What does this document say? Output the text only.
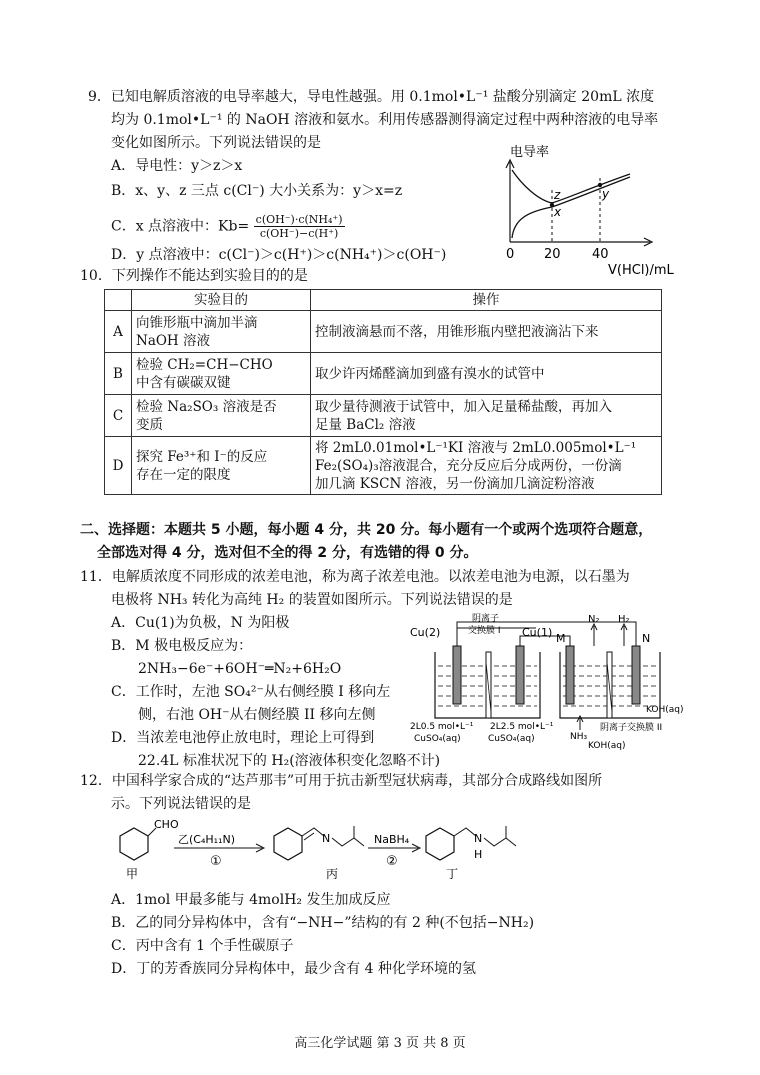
9．已知电解质溶液的电导率越大，导电性越强。用 0.1mol•L⁻¹ 盐酸分别滴定 20mL 浓度
均为 0.1mol•L⁻¹ 的 NaOH 溶液和氨水。利用传感器测得滴定过程中两种溶液的电导率
变化如图所示。下列说法错误的是
A．导电性：y＞z＞x
B．x、y、z 三点 c(Cl⁻) 大小关系为：y＞x=z
C．x 点溶液中：$Kb= \frac{\text{c(OH⁻)·c(NH₄⁺)}}{c(OH^-)-c(H^+)}$
D．y 点溶液中：c(Cl⁻)＞c(H⁺)＞c(NH₄⁺)＞c(OH⁻)
电导率
z
x
y
0 20 40
V(HCl)/mL
10．下列操作不能达到实验目的的是
	实验目的	操作
A	向锥形瓶中滴加半滴
NaOH 溶液	控制液滴悬而不落，用锥形瓶内壁把液滴沾下来
B	检验 CH₂=CH−CHO
中含有碳碳双键	取少许丙烯醛滴加到盛有溴水的试管中
C	检验 Na₂SO₃ 溶液是否
变质	取少量待测液于试管中，加入足量稀盐酸，再加入
足量 BaCl₂ 溶液
D	探究 Fe³⁺和 I⁻的反应
存在一定的限度	将 2mL0.01mol•L⁻¹KI 溶液与 2mL0.005mol•L⁻¹
Fe₂(SO₄)₃溶液混合，充分反应后分成两份，一份滴
加几滴 KSCN 溶液，另一份滴加几滴淀粉溶液
二、选择题：本题共 5 小题，每小题 4 分，共 20 分。每小题有一个或两个选项符合题意，
全部选对得 4 分，选对但不全的得 2 分，有选错的得 0 分。
11．电解质浓度不同形成的浓差电池，称为离子浓差电池。以浓差电池为电源，以石墨为
电极将 NH₃ 转化为高纯 H₂ 的装置如图所示。下列说法错误的是
A．Cu(1)为负极，N 为阳极
B．M 极电极反应为：
2NH₃−6e⁻+6OH⁻═N₂+6H₂O
C．工作时，左池 SO₄²⁻从右侧经膜 I 移向左
侧，右池 OH⁻从右侧经膜 II 移向左侧
D．当浓差电池停止放电时，理论上可得到
22.4L 标准状况下的 H₂(溶液体积变化忽略不计)
Cu(2)	Cu(1)
阴离子
交换膜 I
M	N
N₂ H₂
2L0.5 mol•L⁻¹
CuSO₄(aq)
2L2.5 mol•L⁻¹
CuSO₄(aq)	NH₃
KOH(aq)
阴离子交换膜 II
KOH(aq)
12．中国科学家合成的“达芦那韦”可用于抗击新型冠状病毒，其部分合成路线如图所
示。下列说法错误的是
CHO
甲
乙(C₄H₁₁N)
①
N
丙
NaBH₄
②
N
H
丁
A．1mol 甲最多能与 4molH₂ 发生加成反应
B．乙的同分异构体中，含有“−NH−”结构的有 2 种(不包括−NH₂)
C．丙中含有 1 个手性碳原子
D．丁的芳香族同分异构体中，最少含有 4 种化学环境的氢
高三化学试题 第 3 页 共 8 页
